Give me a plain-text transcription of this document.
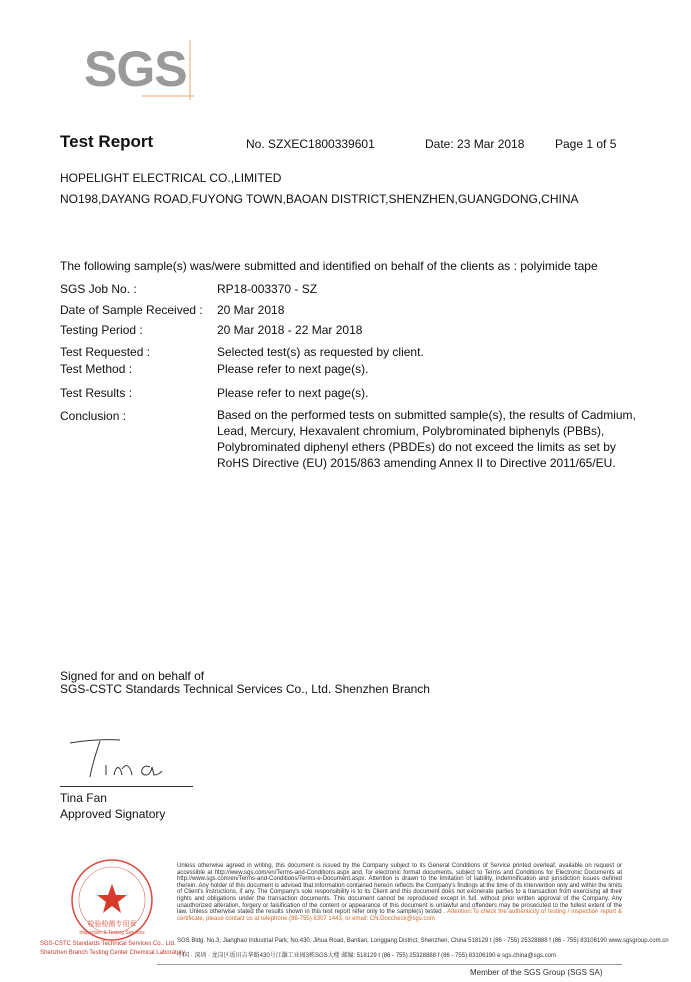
SGS
Test Report	No. SZXEC1800339601	Date: 23 Mar 2018	Page 1 of 5
HOPELIGHT ELECTRICAL CO.,LIMITED
NO198,DAYANG ROAD,FUYONG TOWN,BAOAN DISTRICT,SHENZHEN,GUANGDONG,CHINA
The following sample(s) was/were submitted and identified on behalf of the clients as : polyimide tape
SGS Job No. :	RP18-003370 - SZ
Date of Sample Received : 20 Mar 2018
Testing Period :	20 Mar 2018 - 22 Mar 2018
Test Requested :	Selected test(s) as requested by client.
Test Method :	Please refer to next page(s).
Test Results :	Please refer to next page(s).
Conclusion :	Based on the performed tests on submitted sample(s), the results of Cadmium, Lead, Mercury, Hexavalent chromium, Polybrominated biphenyls (PBBs), Polybrominated diphenyl ethers (PBDEs) do not exceed the limits as set by RoHS Directive (EU) 2015/863 amending Annex II to Directive 2011/65/EU.
Signed for and on behalf of
SGS-CSTC Standards Technical Services Co., Ltd. Shenzhen Branch
Tina Fan
Approved Signatory
检验检测专用章
Inspection & Testing Services
SGS-CSTC Standards Technical Services Co., Ltd.
Shenzhen Branch Testing Center Chemical Laboratory
Unless otherwise agreed in writing, this document is issued by the Company subject to its General Conditions of Service printed overleaf, available on request or accessible at http://www.sgs.com/en/Terms-and-Conditions.aspx and, for electronic format documents, subject to Terms and Conditions for Electronic Documents at http://www.sgs.com/en/Terms-and-Conditions/Terms-e-Document.aspx. Attention is drawn to the limitation of liability, indemnification and jurisdiction issues defined therein. Any holder of this document is advised that information contained hereon reflects the Company's findings at the time of its intervention only and within the limits of Client's instructions, if any. The Company's sole responsibility is to its Client and this document does not exonerate parties to a transaction from exercising all their rights and obligations under the transaction documents. This document cannot be reproduced except in full, without prior written approval of the Company. Any unauthorized alteration, forgery or falsification of the content or appearance of this document is unlawful and offenders may be prosecuted to the fullest extent of the law. Unless otherwise stated the results shown in this test report refer only to the sample(s) tested . Attention:To check the authenticity of testing / inspection report & certificate, please contact us at telephone:(86-755) 8307 1443, or email: CN.Doccheck@sgs.com
SGS Bldg. No.3, Jianghao Industrial Park, No.430, Jihua Road, Bantian, Longgang District, Shenzhen, China 518129 t (86 - 755) 25328888 f (86 - 755) 83106190 www.sgsgroup.com.cn
中国 · 深圳 · 龙岗区坂田吉华路430号江灏工业园3栋SGS大楼 邮编: 518129 t (86 - 755) 25328888 f (86 - 755) 83106190 e sgs.china@sgs.com
Member of the SGS Group (SGS SA)
